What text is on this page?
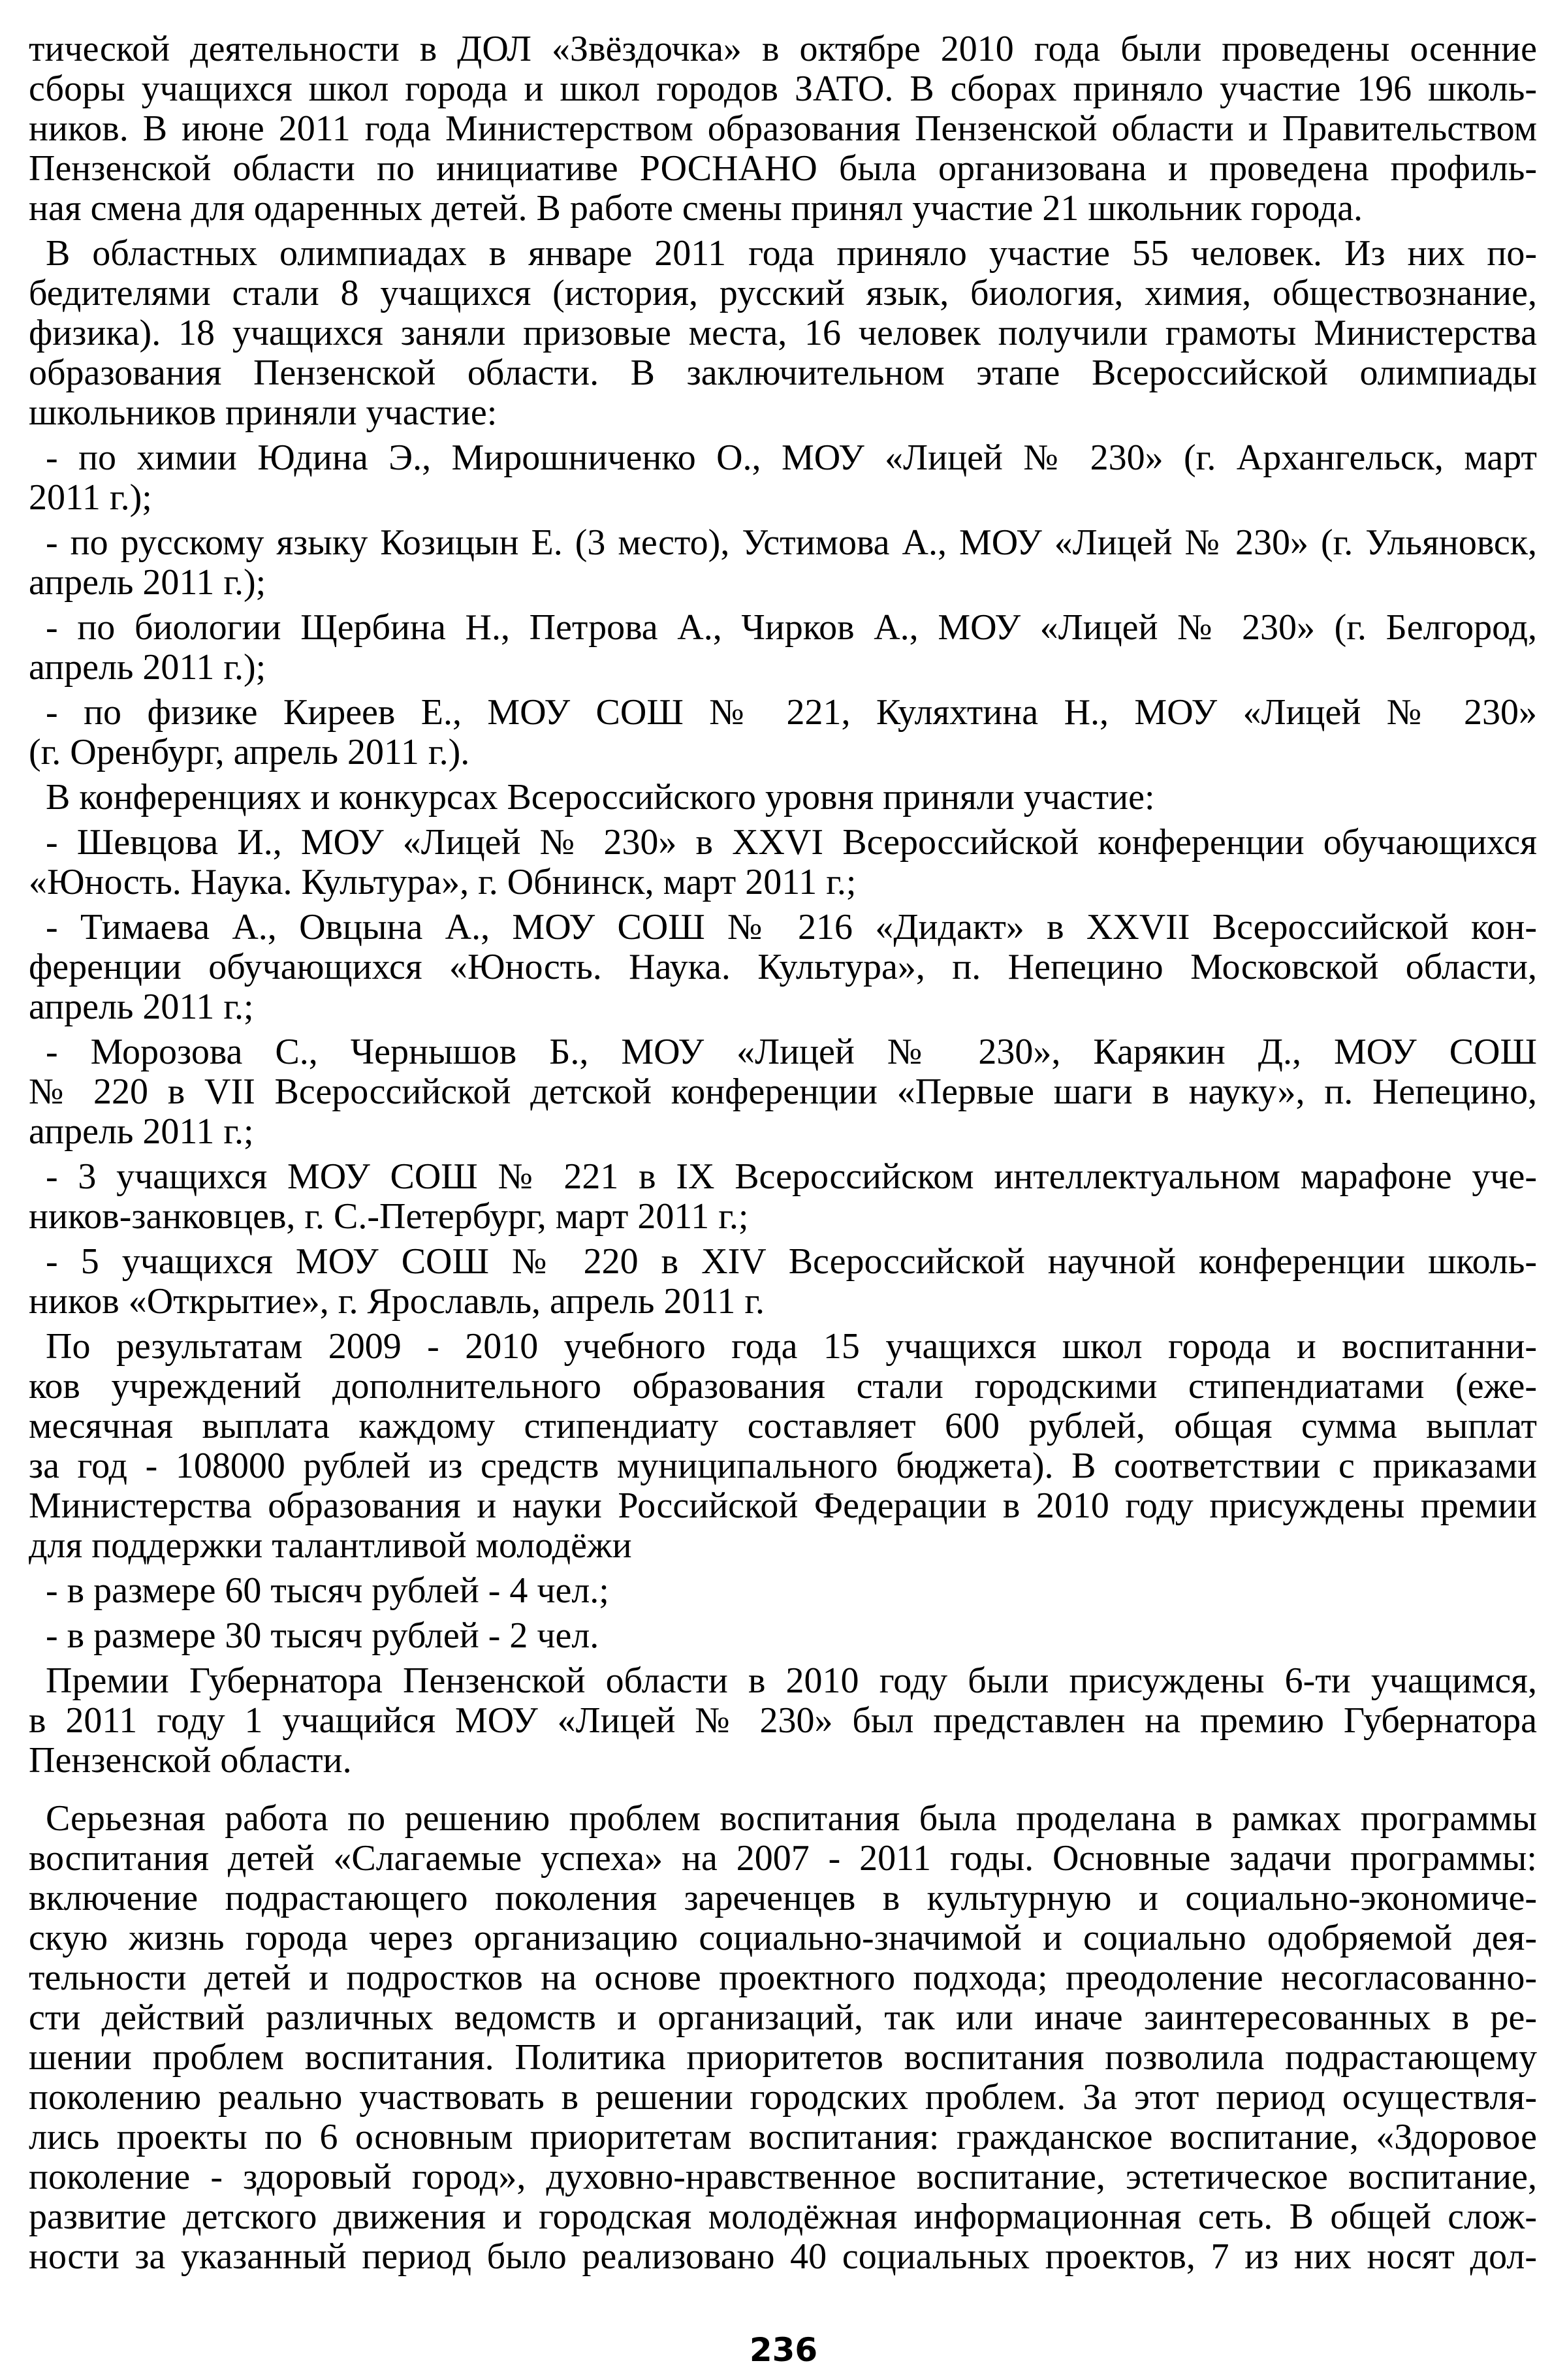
тической деятельности в ДОЛ «Звёздочка» в октябре 2010 года были проведены осенние
сборы учащихся школ города и школ городов ЗАТО. В сборах приняло участие 196 школь-
ников. В июне 2011 года Министерством образования Пензенской области и Правительством
Пензенской области по инициативе РОСНАНО была организована и проведена профиль-
ная смена для одаренных детей. В работе смены принял участие 21 школьник города.
В областных олимпиадах в январе 2011 года приняло участие 55 человек. Из них по-
бедителями стали 8 учащихся (история, русский язык, биология, химия, обществознание,
физика). 18 учащихся заняли призовые места, 16 человек получили грамоты Министерства
образования Пензенской области. В заключительном этапе Всероссийской олимпиады
школьников приняли участие:
- по химии Юдина Э., Мирошниченко О., МОУ «Лицей № 230» (г. Архангельск, март
2011 г.);
- по русскому языку Козицын Е. (3 место), Устимова А., МОУ «Лицей № 230» (г. Ульяновск,
апрель 2011 г.);
- по биологии Щербина Н., Петрова А., Чирков А., МОУ «Лицей № 230» (г. Белгород,
апрель 2011 г.);
- по физике Киреев Е., МОУ СОШ № 221, Куляхтина Н., МОУ «Лицей № 230»
(г. Оренбург, апрель 2011 г.).
В конференциях и конкурсах Всероссийского уровня приняли участие:
- Шевцова И., МОУ «Лицей № 230» в XXVI Всероссийской конференции обучающихся
«Юность. Наука. Культура», г. Обнинск, март 2011 г.;
- Тимаева А., Овцына А., МОУ СОШ № 216 «Дидакт» в XXVII Всероссийской кон-
ференции обучающихся «Юность. Наука. Культура», п. Непецино Московской области,
апрель 2011 г.;
- Морозова С., Чернышов Б., МОУ «Лицей № 230», Карякин Д., МОУ СОШ
№ 220 в VII Всероссийской детской конференции «Первые шаги в науку», п. Непецино,
апрель 2011 г.;
- 3 учащихся МОУ СОШ № 221 в IX Всероссийском интеллектуальном марафоне уче-
ников-занковцев, г. С.-Петербург, март 2011 г.;
- 5 учащихся МОУ СОШ № 220 в XIV Всероссийской научной конференции школь-
ников «Открытие», г. Ярославль, апрель 2011 г.
По результатам 2009 - 2010 учебного года 15 учащихся школ города и воспитанни-
ков учреждений дополнительного образования стали городскими стипендиатами (еже-
месячная выплата каждому стипендиату составляет 600 рублей, общая сумма выплат
за год - 108000 рублей из средств муниципального бюджета). В соответствии с приказами
Министерства образования и науки Российской Федерации в 2010 году присуждены премии
для поддержки талантливой молодёжи
- в размере 60 тысяч рублей - 4 чел.;
- в размере 30 тысяч рублей - 2 чел.
Премии Губернатора Пензенской области в 2010 году были присуждены 6-ти учащимся,
в 2011 году 1 учащийся МОУ «Лицей № 230» был представлен на премию Губернатора
Пензенской области.
Серьезная работа по решению проблем воспитания была проделана в рамках программы
воспитания детей «Слагаемые успеха» на 2007 - 2011 годы. Основные задачи программы:
включение подрастающего поколения зареченцев в культурную и социально-экономиче-
скую жизнь города через организацию социально-значимой и социально одобряемой дея-
тельности детей и подростков на основе проектного подхода; преодоление несогласованно-
сти действий различных ведомств и организаций, так или иначе заинтересованных в ре-
шении проблем воспитания. Политика приоритетов воспитания позволила подрастающему
поколению реально участвовать в решении городских проблем. За этот период осуществля-
лись проекты по 6 основным приоритетам воспитания: гражданское воспитание, «Здоровое
поколение - здоровый город», духовно-нравственное воспитание, эстетическое воспитание,
развитие детского движения и городская молодёжная информационная сеть. В общей слож-
ности за указанный период было реализовано 40 социальных проектов, 7 из них носят дол-
236
